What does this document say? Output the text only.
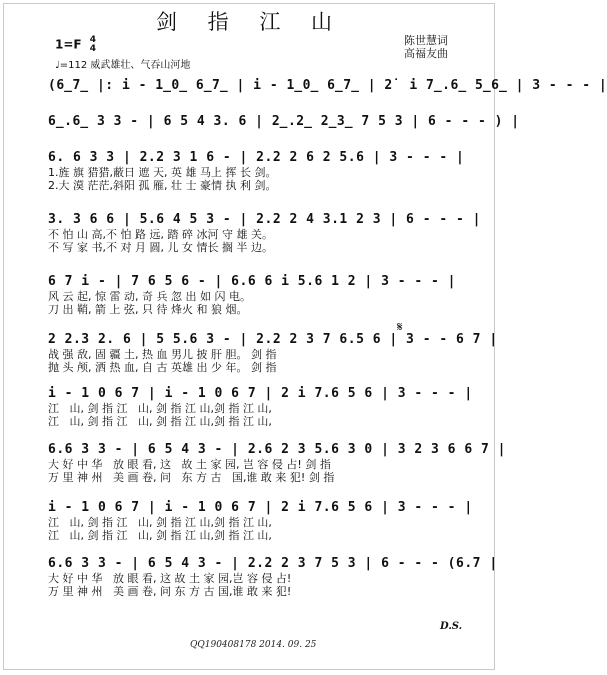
剑 指 江 山
陈世慧词
高福友曲
1=F 4
4
♩=112 威武雄壮、气吞山河地
(6̲7̲ |: i - 1̲0̲ 6̲7̲ | i - 1̲0̲ 6̲7̲ | 2̇  i 7̲.6̲ 5̲6̲ | 3 - - - |
6̲.6̲ 3 3 - | 6 5 4 3. 6 | 2̲.2̲ 2̲3̲ 7 5 3 | 6 - - - ) |
6. 6 3 3 | 2.2 3 1 6 - | 2.2 2 6 2 5.6 | 3 - - - |
1.旌 旗 猎猎,蔽日 遮 天, 英 雄 马上 挥 长 剑。
2.大 漠 茫茫,斜阳 孤 雁, 壮 士 豪情 执 利 剑。
3. 3 6 6 | 5.6 4 5 3 - | 2.2 2 4 3.1 2 3 | 6 - - - |
不 怕 山 高,不 怕 路 远, 踏 碎 冰河 守 雄 关。
不 写 家 书,不 对 月 圆, 儿 女 情长 搁 半 边。
6 7 i - | 7 6 5 6 - | 6.6 6 i 5.6 1 2 | 3 - - - |
风 云 起, 惊 雷 动, 奇 兵 忽 出 如 闪 电。
刀 出 鞘, 箭 上 弦, 只 待 烽火 和 狼 烟。
2 2.3 2. 6 | 5 5.6 3 - | 2.2 2 3 7 6.5 6 | 3 - - 6 7 |
战 强 敌, 固 疆 土, 热 血 男儿 披 肝 胆。 剑 指
抛 头 颅, 洒 热 血, 自 古 英雄 出 少 年。 剑 指
i - 1 0 6 7 | i - 1 0 6 7 | 2 i 7.6 5 6 | 3 - - - |
江   山, 剑 指 江   山, 剑 指 江 山,剑 指 江 山,
江   山, 剑 指 江   山, 剑 指 江 山,剑 指 江 山,
6.6 3 3 - | 6 5 4 3 - | 2.6 2 3 5.6 3 0 | 3 2 3 6 6 7 |
大 好 中 华   放 眼 看, 这   故 土 家 园, 岂 容 侵 占! 剑 指
万 里 神 州   美 画 卷, 问   东 方 古   国,谁 敢 来 犯! 剑 指
i - 1 0 6 7 | i - 1 0 6 7 | 2 i 7.6 5 6 | 3 - - - |
江   山, 剑 指 江   山, 剑 指 江 山,剑 指 江 山,
江   山, 剑 指 江   山, 剑 指 江 山,剑 指 江 山,
6.6 3 3 - | 6 5 4 3 - | 2.2 2 3 7 5 3 | 6 - - - (6.7 |
大 好 中 华   放 眼 看, 这 故 土 家 园,岂 容 侵 占!
万 里 神 州   美 画 卷, 问 东 方 古 国,谁 敢 来 犯!
𝄋
D.S.
QQ190408178 2014. 09. 25
